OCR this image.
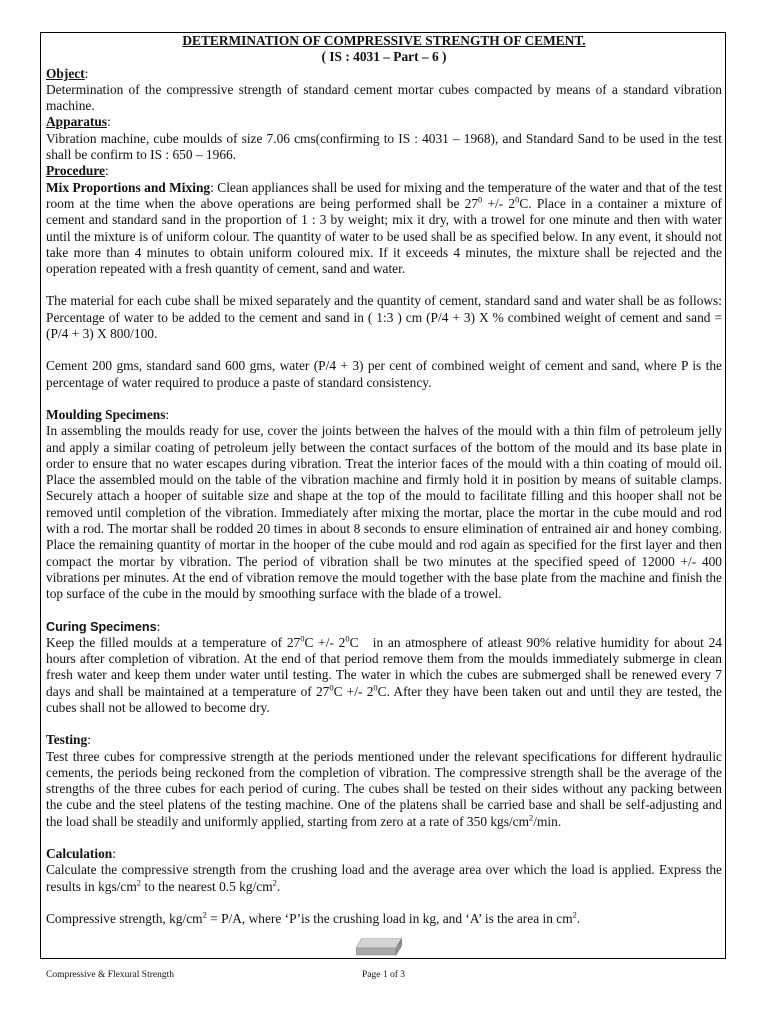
DETERMINATION OF COMPRESSIVE STRENGTH OF CEMENT.

( IS : 4031 – Part – 6 )

Object:

Determination of the compressive strength of standard cement mortar cubes compacted by means of a standard vibration machine.

Apparatus:

Vibration machine, cube moulds of size 7.06 cms(confirming to IS : 4031 – 1968), and Standard Sand to be used in the test shall be confirm to IS : 650 – 1966.

Procedure:

Mix Proportions and Mixing: Clean appliances shall be used for mixing and the temperature of the water and that of the test room at the time when the above operations are being performed shall be $27^0$ +/- $2^0C$. Place in a container a mixture of cement and standard sand in the proportion of 1 : 3 by weight; mix it dry, with a trowel for one minute and then with water until the mixture is of uniform colour. The quantity of water to be used shall be as specified below. In any event, it should not take more than 4 minutes to obtain uniform coloured mix. If it exceeds 4 minutes, the mixture shall be rejected and the operation repeated with a fresh quantity of cement, sand and water.

The material for each cube shall be mixed separately and the quantity of cement, standard sand and water shall be as follows: Percentage of water to be added to the cement and sand in ( 1:3 ) cm (P/4 + 3) X % combined weight of cement and sand = (P/4 + 3) X 800/100.

Cement 200 gms, standard sand 600 gms, water (P/4 + 3) per cent of combined weight of cement and sand, where P is the percentage of water required to produce a paste of standard consistency.

Moulding Specimens:

In assembling the moulds ready for use, cover the joints between the halves of the mould with a thin film of petroleum jelly and apply a similar coating of petroleum jelly between the contact surfaces of the bottom of the mould and its base plate in order to ensure that no water escapes during vibration. Treat the interior faces of the mould with a thin coating of mould oil. Place the assembled mould on the table of the vibration machine and firmly hold it in position by means of suitable clamps. Securely attach a hooper of suitable size and shape at the top of the mould to facilitate filling and this hooper shall not be removed until completion of the vibration. Immediately after mixing the mortar, place the mortar in the cube mould and rod with a rod. The mortar shall be rodded 20 times in about 8 seconds to ensure elimination of entrained air and honey combing. Place the remaining quantity of mortar in the hooper of the cube mould and rod again as specified for the first layer and then compact the mortar by vibration. The period of vibration shall be two minutes at the specified speed of 12000 +/- 400 vibrations per minutes. At the end of vibration remove the mould together with the base plate from the machine and finish the top surface of the cube in the mould by smoothing surface with the blade of a trowel.

Curing Specimens:

Keep the filled moulds at a temperature of $27^0C$ +/- $2^0C$ in an atmosphere of atleast 90% relative humidity for about 24 hours after completion of vibration. At the end of that period remove them from the moulds immediately submerge in clean fresh water and keep them under water until testing. The water in which the cubes are submerged shall be renewed every 7 days and shall be maintained at a temperature of $27^0C$ +/- $2^0C$. After they have been taken out and until they are tested, the cubes shall not be allowed to become dry.

Testing:

Test three cubes for compressive strength at the periods mentioned under the relevant specifications for different hydraulic cements, the periods being reckoned from the completion of vibration. The compressive strength shall be the average of the strengths of the three cubes for each period of curing. The cubes shall be tested on their sides without any packing between the cube and the steel platens of the testing machine. One of the platens shall be carried base and shall be self-adjusting and the load shall be steadily and uniformly applied, starting from zero at a rate of 350 kgs/$cm^2/\min$.

Calculation:

Calculate the compressive strength from the crushing load and the average area over which the load is applied. Express the results in kgs/$cm^2$ to the nearest 0.5 $kg/cm^2$.

Compressive strength, $kg/cm^2 = P/A$, where ‘P’is the crushing load in kg, and ‘A’ is the area in $cm^2$.

Compressive & Flexural Strength	Page 1 of 3
